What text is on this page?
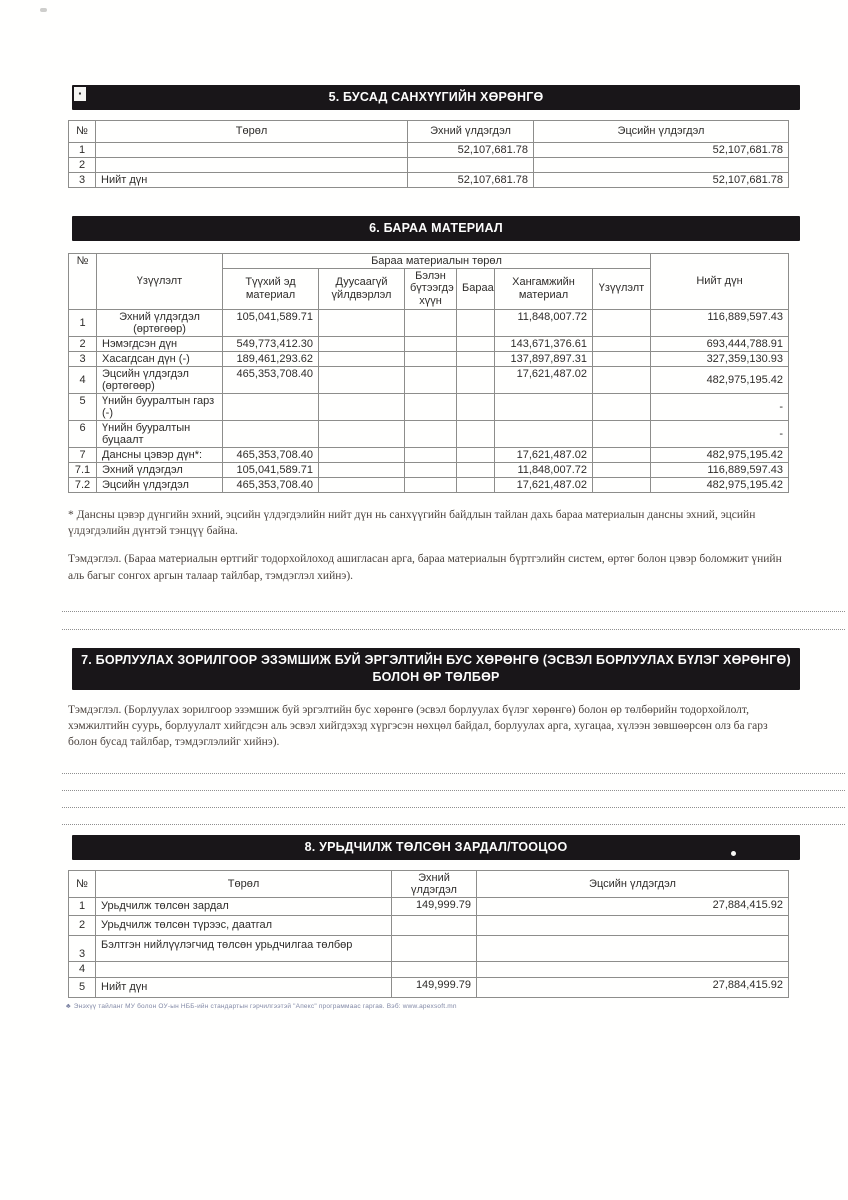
▪	5. БУСАД САНХҮҮГИЙН ХӨРӨНГӨ
№	Төрөл	Эхний үлдэгдэл	Эцсийн үлдэгдэл
1		52,107,681.78	52,107,681.78
2			
3	Нийт дүн	52,107,681.78	52,107,681.78
6. БАРАА МАТЕРИАЛ
№	Үзүүлэлт	Бараа материалын төрөл						Нийт дүн
		Түүхий эд материал	Дуусаагүй үйлдвэрлэл	Бэлэн бүтээгдэ хүүн	Бараа	Хангамжийн материал	Үзүүлэлт	
1	Эхний үлдэгдэл (өртөгөөр)	105,041,589.71				11,848,007.72		116,889,597.43
2	Нэмэгдсэн дүн	549,773,412.30				143,671,376.61		693,444,788.91
3	Хасагдсан дүн (-)	189,461,293.62				137,897,897.31		327,359,130.93
4	Эцсийн үлдэгдэл (өртөгөөр)	465,353,708.40				17,621,487.02		482,975,195.42
5	Үнийн бууралтын гарз (-)							-
6	Үнийн бууралтын буцаалт							-
7	Дансны цэвэр дүн*:	465,353,708.40				17,621,487.02		482,975,195.42
7.1	Эхний үлдэгдэл	105,041,589.71				11,848,007.72		116,889,597.43
7.2	Эцсийн үлдэгдэл	465,353,708.40				17,621,487.02		482,975,195.42

* Дансны цэвэр дүнгийн эхний, эцсийн үлдэгдэлийн нийт дүн нь санхүүгийн байдлын тайлан дахь бараа материалын дансны эхний, эцсийн үлдэгдэлийн дүнтэй тэнцүү байна.

Тэмдэглэл. (Бараа материалын өртгийг тодорхойлоход ашигласан арга, бараа материалын бүртгэлийн систем, өртөг болон цэвэр боломжит үнийн аль багыг сонгох аргын талаар тайлбар, тэмдэглэл хийнэ).

7. БОРЛУУЛАХ ЗОРИЛГООР ЭЗЭМШИЖ БУЙ ЭРГЭЛТИЙН БУС ХӨРӨНГӨ (ЭСВЭЛ БОРЛУУЛАХ БҮЛЭГ ХӨРӨНГӨ) БОЛОН ӨР ТӨЛБӨР

Тэмдэглэл. (Борлуулах зорилгоор эзэмшиж буй эргэлтийн бус хөрөнгө (эсвэл борлуулах бүлэг хөрөнгө) болон өр төлбөрийн тодорхойлолт, хэмжилтийн суурь, борлуулалт хийгдсэн аль эсвэл хийгдэхэд хүргэсэн нөхцөл байдал, борлуулах арга, хугацаа, хүлээн зөвшөөрсөн олз ба гарз болон бусад тайлбар, тэмдэглэлийг хийнэ).

8. УРЬДЧИЛЖ ТӨЛСӨН ЗАРДАЛ/ТООЦОО
№	Төрөл	Эхний үлдэгдэл	Эцсийн үлдэгдэл
1	Урьдчилж төлсөн зардал	149,999.79	27,884,415.92
2	Урьдчилж төлсөн түрээс, даатгал		
3	Бэлтгэн нийлүүлэгчид төлсөн урьдчилгаа төлбөр		
4			
5	Нийт дүн	149,999.79	27,884,415.92
♣ Энэхүү тайланг МУ болон ОУ-ын НББ-ийн стандартын гэрчилгээтэй "Апекс" программаас гаргав. Вэб: www.apexsoft.mn
